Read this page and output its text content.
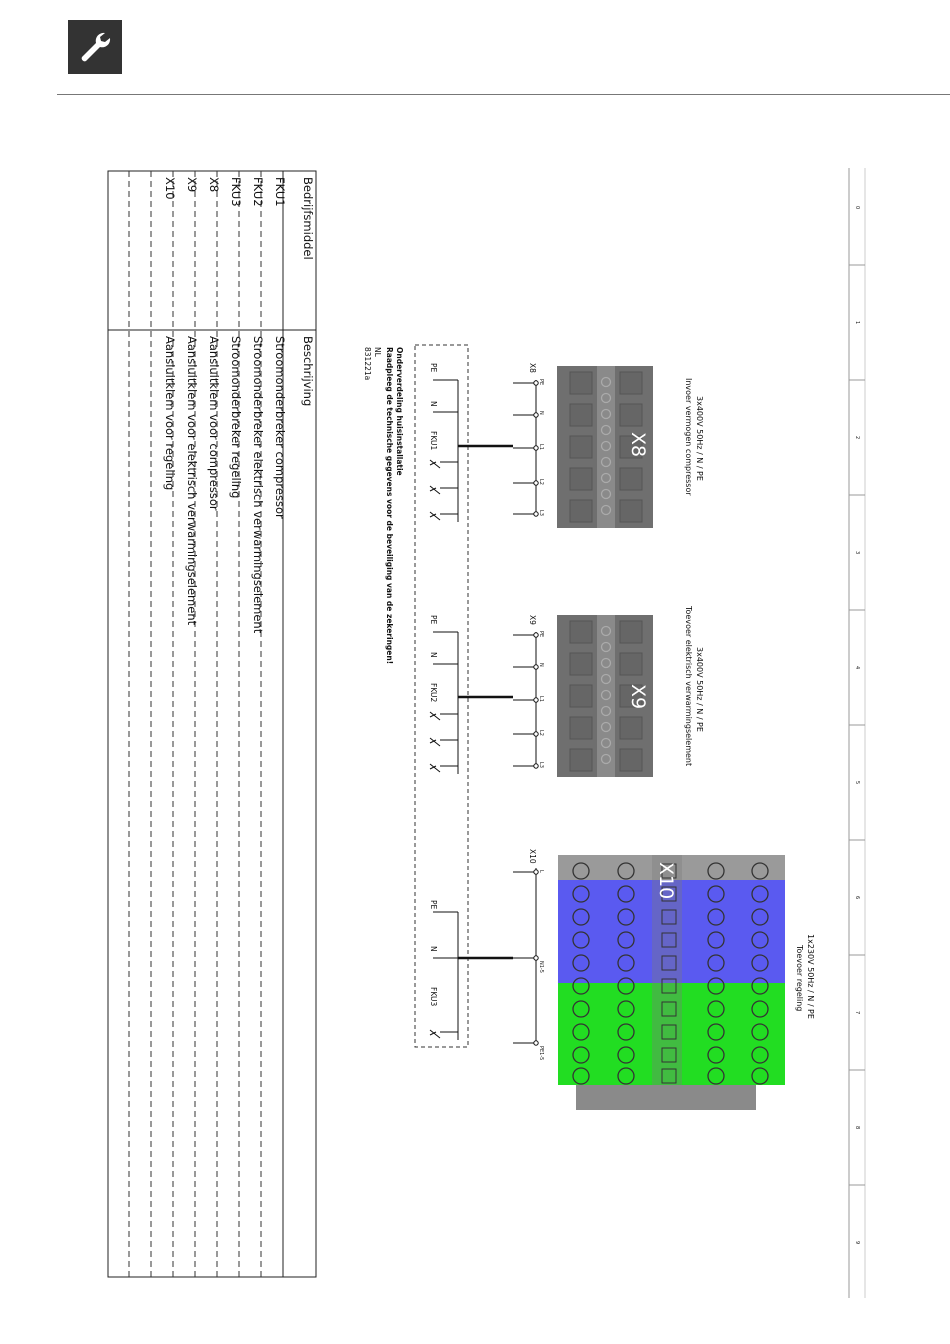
0
1
2
3
4
5
6
7
8
9
Bedrijfsmiddel
Beschrijving
FKU1
Stroomonderbreker compressor
FKU2
Stroomonderbreker elektrisch verwarmingselement
FKU3
Stroomonderbreker regeling
X8
Aansluitklem voor compressor
X9
Aansluitklem voor elektrisch verwarmingselement
X10
Aansluitklem voor regeling	Onderverdeling huisinstallatie
Raadpleeg de technische gegevens voor de beveiliging van de zekeringen!
NL
831221a
X8	3x400V 50Hz / N / PE
Invoer vermogen compressor
PE
N
L1
L2
L3
X8
PE
N
FKU1
X9	3x400V 50Hz / N / PE
Toevoer elektrisch verwarmingselement
PE
N
L1
L2
L3
X9
PE
N
FKU2
X10
1x230V 50Hz / N / PE
Toevoer regeling
L
N1-5
PE1-5
X10
PE
N
FKU3
